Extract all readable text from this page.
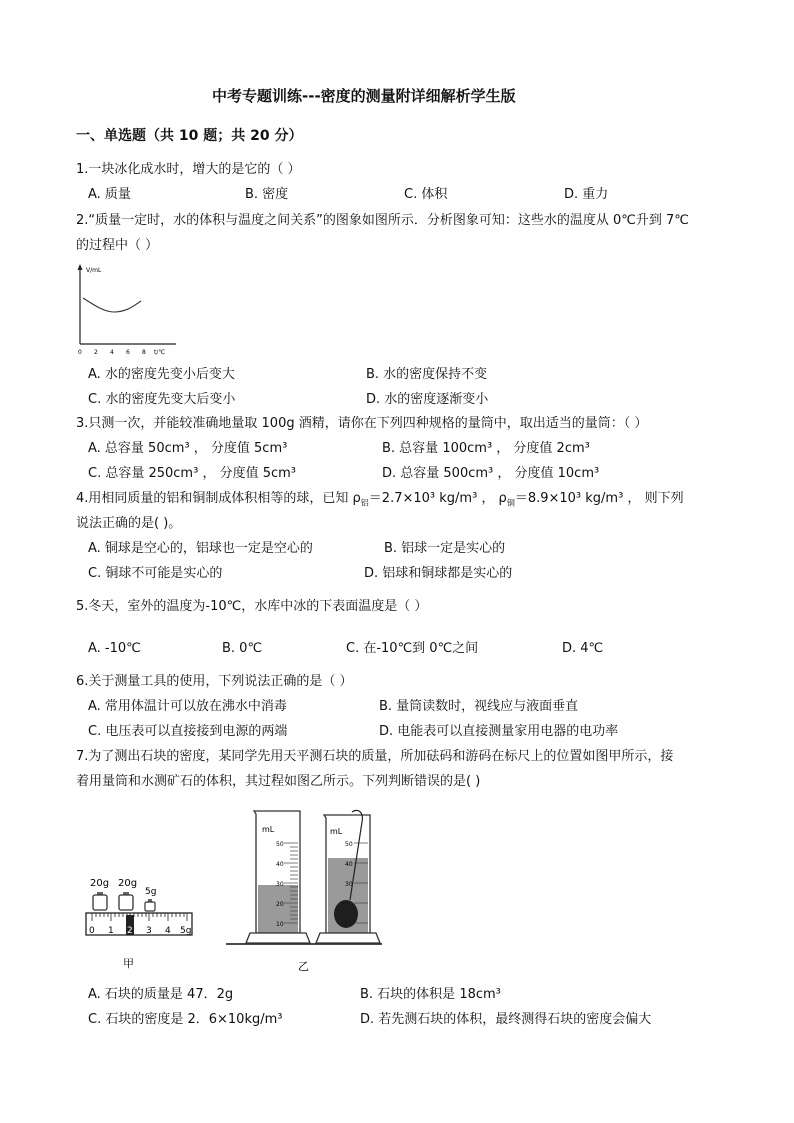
中考专题训练---密度的测量附详细解析学生版
一、单选题（共 10 题；共 20 分）
1.一块冰化成水时，增大的是它的（ ）
A. 质量	B. 密度	C. 体积	D. 重力
2.“质量一定时，水的体积与温度之间关系”的图象如图所示．分析图象可知：这些水的温度从 0℃升到 7℃
的过程中（ ）
V/mL
0 2 4 6 8 t/℃
A. 水的密度先变小后变大	B. 水的密度保持不变
C. 水的密度先变大后变小	D. 水的密度逐渐变小
3.只测一次，并能较准确地量取 100g 酒精，请你在下列四种规格的量筒中，取出适当的量筒：（ ）
A. 总容量 50cm³ ， 分度值 5cm³	B. 总容量 100cm³ ， 分度值 2cm³
C. 总容量 250cm³ ， 分度值 5cm³	D. 总容量 500cm³ ， 分度值 10cm³
4.用相同质量的铝和铜制成体积相等的球，已知 $\rho_铝=2.7\times 10^3$ kg/m³ ， $\rho_铜=8.9\times 10^3$ kg/m³ ， 则下列
说法正确的是( )。
A. 铜球是空心的，铝球也一定是空心的	B. 铝球一定是实心的
C. 铜球不可能是实心的	D. 铝球和铜球都是实心的
5.冬天，室外的温度为-10℃，水库中冰的下表面温度是（ ）
A. -10℃	B. 0℃	C. 在-10℃到 0℃之间	D. 4℃
6.关于测量工具的使用，下列说法正确的是（ ）
A. 常用体温计可以放在沸水中消毒	B. 量筒读数时，视线应与液面垂直
C. 电压表可以直接接到电源的两端	D. 电能表可以直接测量家用电器的电功率
7.为了测出石块的密度，某同学先用天平测石块的质量，所加砝码和游码在标尺上的位置如图甲所示，接
着用量筒和水测矿石的体积，其过程如图乙所示。下列判断错误的是( )
20g 20g
5g
0 1 2 3 4 5g
甲
mL
50
40
30
20
10
mL
50
40
30
乙
A. 石块的质量是 47．2g	B. 石块的体积是 18cm³
C. 石块的密度是 2．6×10kg/m³	D. 若先测石块的体积，最终测得石块的密度会偏大
